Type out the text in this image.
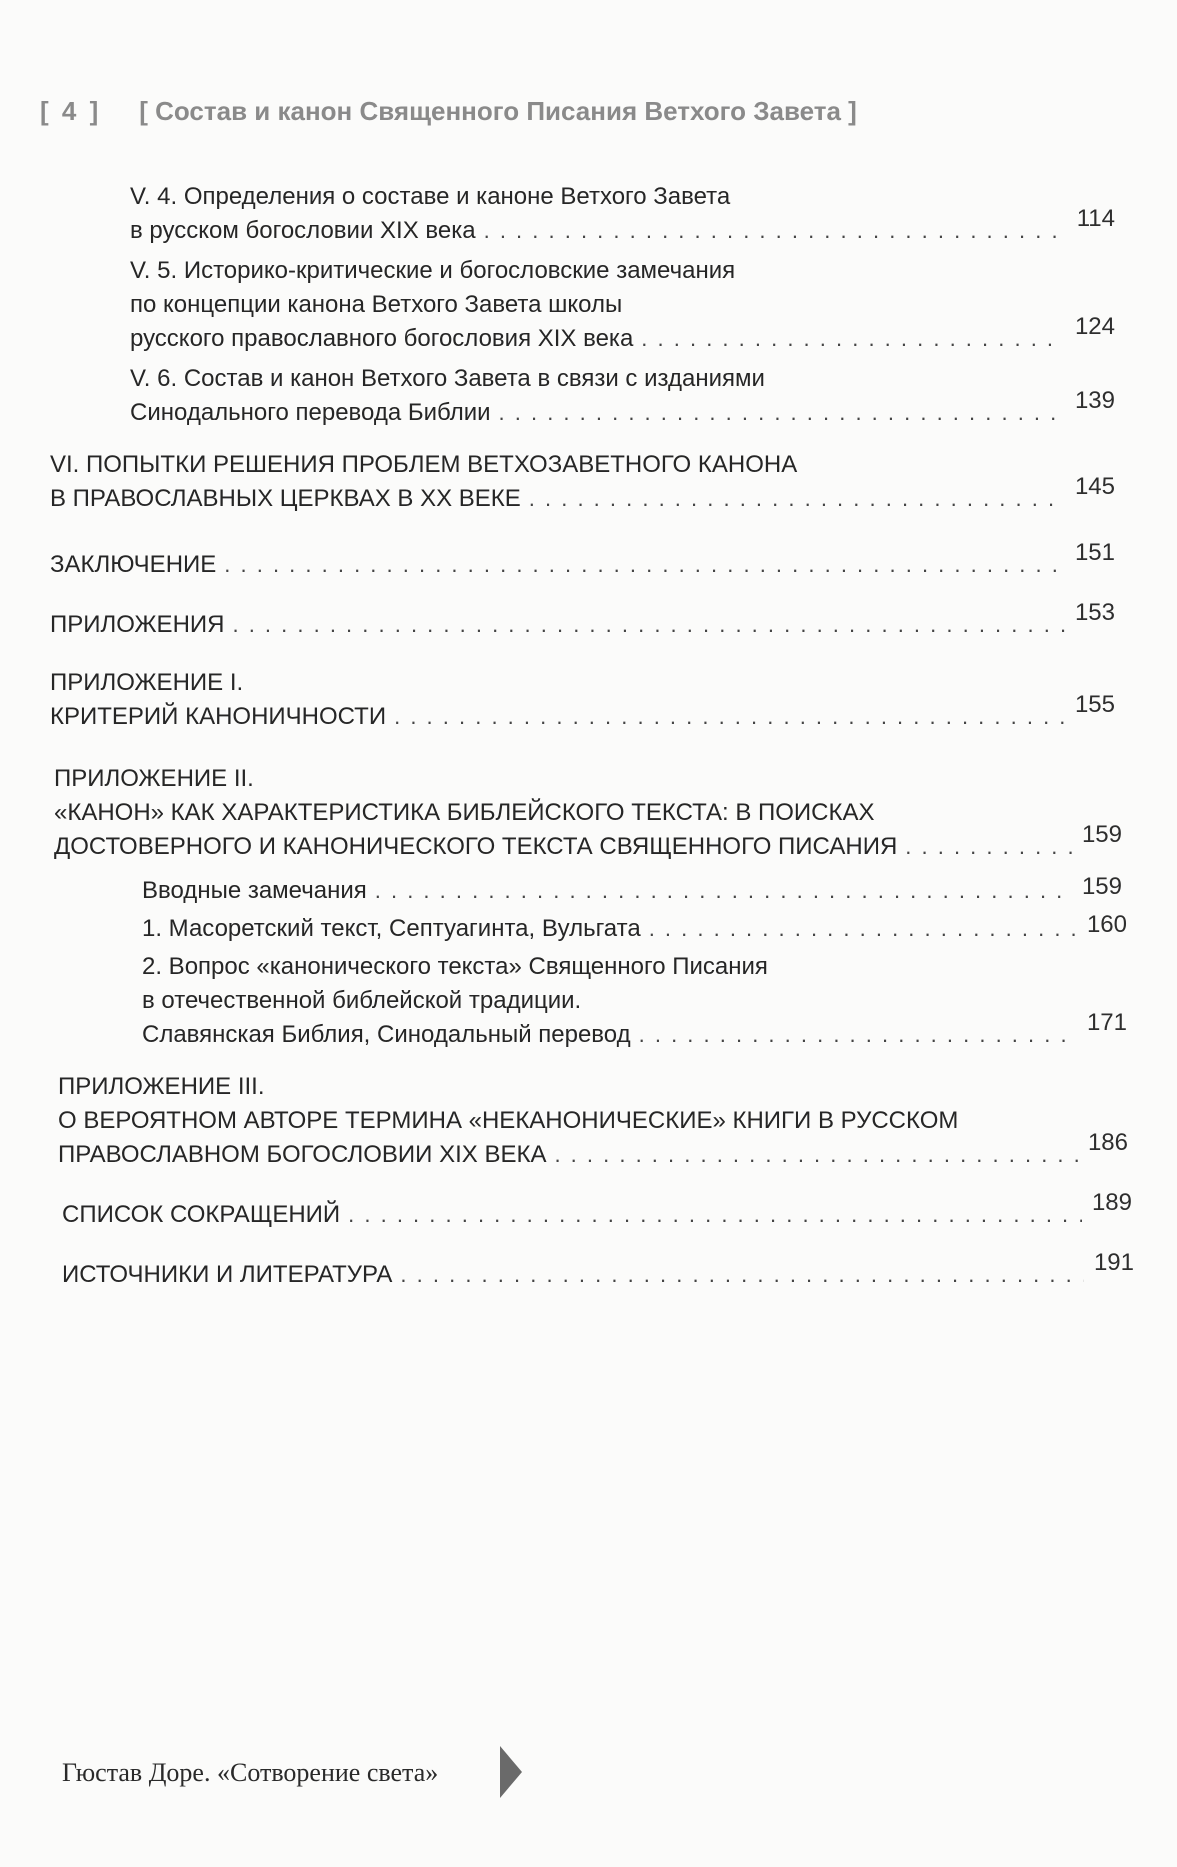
[ 4 ] [ Состав и канон Священного Писания Ветхого Завета ]
V. 4. Определения о составе и каноне Ветхого Завета
в русском богословии XIX века . . .	114
V. 5. Историко-критические и богословские замечания
по концепции канона Ветхого Завета школы
русского православного богословия XIX века . . .	124
V. 6. Состав и канон Ветхого Завета в связи с изданиями
Синодального перевода Библии . . .	139
VI. ПОПЫТКИ РЕШЕНИЯ ПРОБЛЕМ ВЕТХОЗАВЕТНОГО КАНОНА
В ПРАВОСЛАВНЫХ ЦЕРКВАХ В XX ВЕКЕ . . .	145
ЗАКЛЮЧЕНИЕ . . .	151
ПРИЛОЖЕНИЯ . . .	153
ПРИЛОЖЕНИЕ I.
КРИТЕРИЙ КАНОНИЧНОСТИ . . .	155
ПРИЛОЖЕНИЕ II.
«КАНОН» КАК ХАРАКТЕРИСТИКА БИБЛЕЙСКОГО ТЕКСТА: В ПОИСКАХ
ДОСТОВЕРНОГО И КАНОНИЧЕСКОГО ТЕКСТА СВЯЩЕННОГО ПИСАНИЯ . . .	159
Вводные замечания . . .	159
1. Масоретский текст, Септуагинта, Вульгата . . .	160
2. Вопрос «канонического текста» Священного Писания
в отечественной библейской традиции.
Славянская Библия, Синодальный перевод . . .	171
ПРИЛОЖЕНИЕ III.
О ВЕРОЯТНОМ АВТОРЕ ТЕРМИНА «НЕКАНОНИЧЕСКИЕ» КНИГИ В РУССКОМ
ПРАВОСЛАВНОМ БОГОСЛОВИИ XIX ВЕКА . . .	186
СПИСОК СОКРАЩЕНИЙ . . .	189
ИСТОЧНИКИ И ЛИТЕРАТУРА . . .	191
Гюстав Доре. «Сотворение света»
